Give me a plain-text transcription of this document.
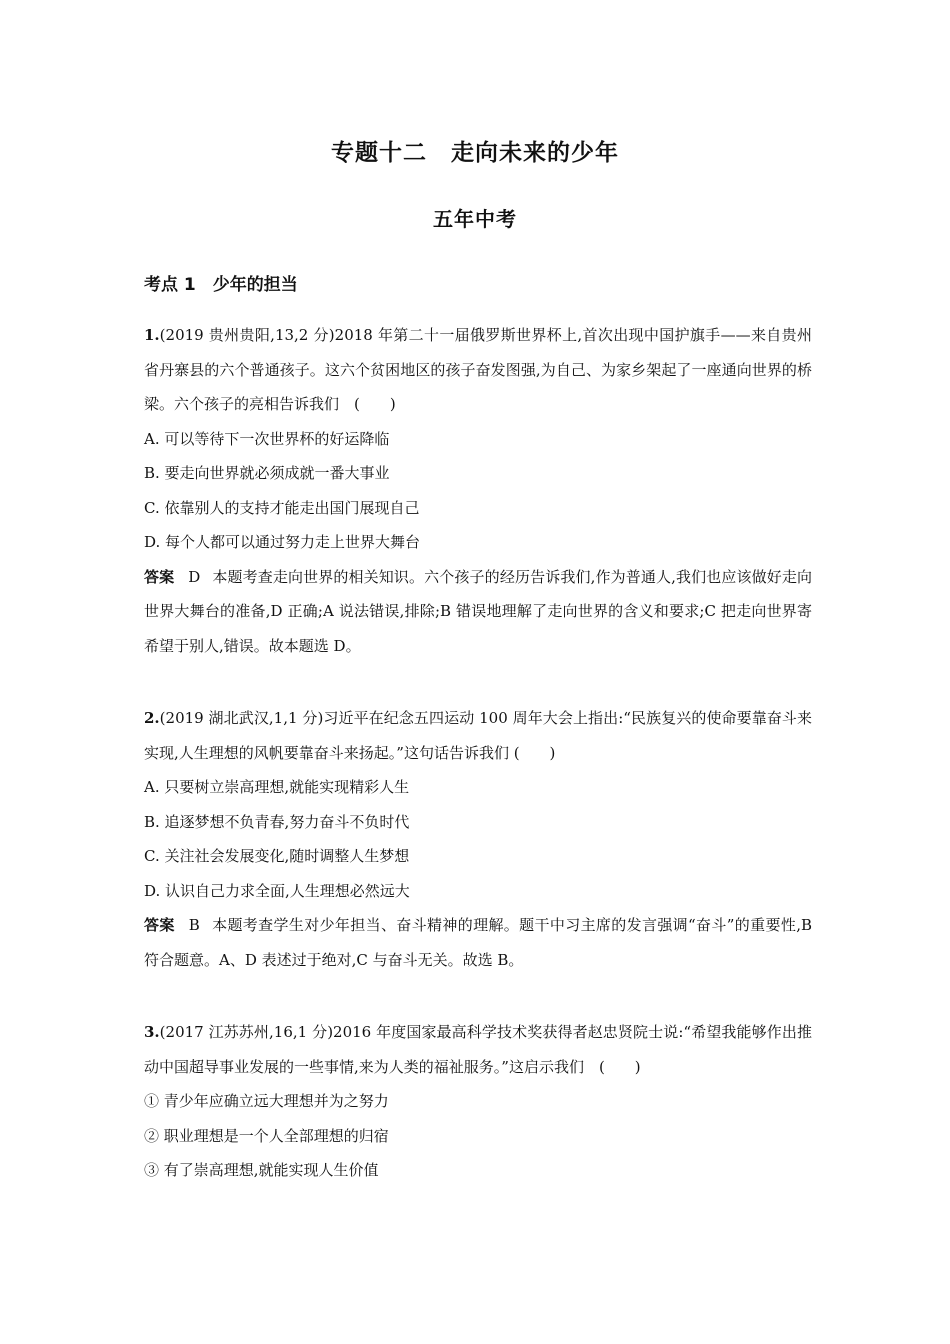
专题十二　走向未来的少年
五年中考
考点 1　少年的担当
1.(2019 贵州贵阳,13,2 分)2018 年第二十一届俄罗斯世界杯上,首次出现中国护旗手——来自贵州省丹寨县的六个普通孩子。这六个贫困地区的孩子奋发图强,为自己、为家乡架起了一座通向世界的桥梁。六个孩子的亮相告诉我们　(　　)
A. 可以等待下一次世界杯的好运降临
B. 要走向世界就必须成就一番大事业
C. 依靠别人的支持才能走出国门展现自己
D. 每个人都可以通过努力走上世界大舞台
答案 D 本题考查走向世界的相关知识。六个孩子的经历告诉我们,作为普通人,我们也应该做好走向世界大舞台的准备,D 正确;A 说法错误,排除;B 错误地理解了走向世界的含义和要求;C 把走向世界寄希望于别人,错误。故本题选 D。
2.(2019 湖北武汉,1,1 分)习近平在纪念五四运动 100 周年大会上指出:“民族复兴的使命要靠奋斗来实现,人生理想的风帆要靠奋斗来扬起。”这句话告诉我们 (　　)
A. 只要树立崇高理想,就能实现精彩人生
B. 追逐梦想不负青春,努力奋斗不负时代
C. 关注社会发展变化,随时调整人生梦想
D. 认识自己力求全面,人生理想必然远大
答案 B 本题考查学生对少年担当、奋斗精神的理解。题干中习主席的发言强调“奋斗”的重要性,B 符合题意。A、D 表述过于绝对,C 与奋斗无关。故选 B。
3.(2017 江苏苏州,16,1 分)2016 年度国家最高科学技术奖获得者赵忠贤院士说:“希望我能够作出推动中国超导事业发展的一些事情,来为人类的福祉服务。”这启示我们　(　　)
① 青少年应确立远大理想并为之努力
② 职业理想是一个人全部理想的归宿
③ 有了崇高理想,就能实现人生价值
